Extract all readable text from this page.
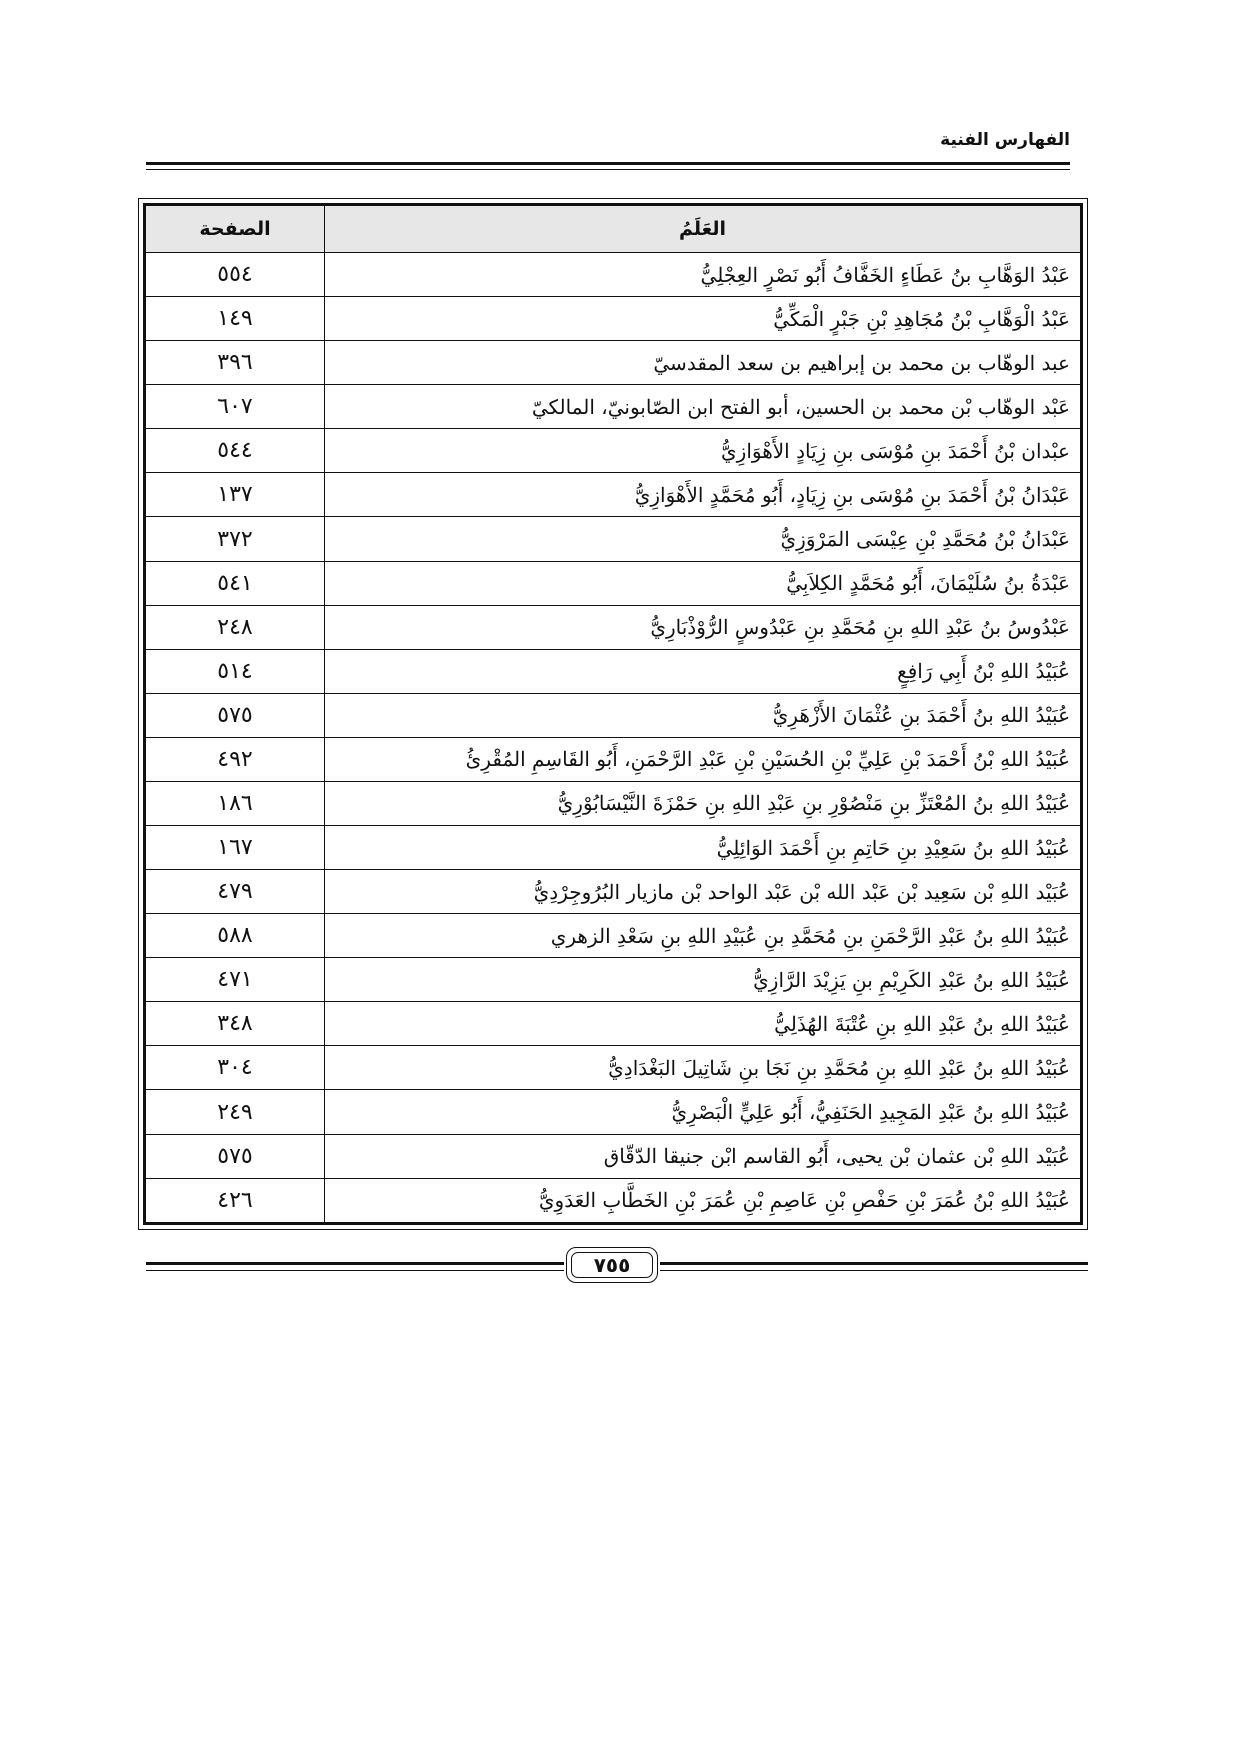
الفهارس الفنية
العَلَمُ	الصفحة
عَبْدُ الوَهَّابِ بنُ عَطَاءٍ الخَفَّافُ أَبُو نَصْرٍ العِجْلِيُّ	٥٥٤
عَبْدُ الْوَهَّابِ بْنُ مُجَاهِدِ بْنِ جَبْرٍ الْمَكِّيُّ	١٤٩
عبد الوهّاب بن محمد بن إبراهيم بن سعد المقدسيّ	٣٩٦
عَبْد الوهّاب بْن محمد بن الحسين، أبو الفتح ابن الصّابونيّ، المالكيّ	٦٠٧
عبْدان بْنُ أَحْمَدَ بنِ مُوْسَى بنِ زِيَادٍ الأَهْوَازِيُّ	٥٤٤
عَبْدَانُ بْنُ أَحْمَدَ بنِ مُوْسَى بنِ زِيَادٍ، أَبُو مُحَمَّدٍ الأَهْوَازِيُّ	١٣٧
عَبْدَانُ بْنُ مُحَمَّدِ بْنِ عِيْسَى المَرْوَزِيُّ	٣٧٢
عَبْدَةُ بنُ سُلَيْمَانَ، أَبُو مُحَمَّدٍ الكِلاَبِيُّ	٥٤١
عَبْدُوسُ بنُ عَبْدِ اللهِ بنِ مُحَمَّدِ بنِ عَبْدُوسٍ الرُّوْذْبَارِيُّ	٢٤٨
عُبَيْدُ اللهِ بْنُ أَبِي رَافِعٍ	٥١٤
عُبَيْدُ اللهِ بنُ أَحْمَدَ بنِ عُثْمَانَ الأَزْهَرِيُّ	٥٧٥
عُبَيْدُ اللهِ بْنُ أَحْمَدَ بْنِ عَلِيِّ بْنِ الحُسَيْنِ بْنِ عَبْدِ الرَّحْمَنِ، أَبُو القَاسِمِ المُقْرِئُ	٤٩٢
عُبَيْدُ اللهِ بنُ المُعْتَزِّ بنِ مَنْصُوْرِ بنِ عَبْدِ اللهِ بنِ حَمْزَةَ النَّيْسَابُوْرِيُّ	١٨٦
عُبَيْدُ اللهِ بنُ سَعِيْدِ بنِ حَاتِمِ بنِ أَحْمَدَ الوَائِلِيُّ	١٦٧
عُبَيْد اللهِ بْن سَعِيد بْن عَبْد الله بْن عَبْد الواحد بْن مازيار البُرُوجِرْدِيُّ	٤٧٩
عُبَيْدُ اللهِ بنُ عَبْدِ الرَّحْمَنِ بنِ مُحَمَّدِ بنِ عُبَيْدِ اللهِ بنِ سَعْدِ الزهري	٥٨٨
عُبَيْدُ اللهِ بنُ عَبْدِ الكَرِيْمِ بنِ يَزِيْدَ الرَّازِيُّ	٤٧١
عُبَيْدُ اللهِ بنُ عَبْدِ اللهِ بنِ عُتْبَةَ الهُذَلِيُّ	٣٤٨
عُبَيْدُ اللهِ بنُ عَبْدِ اللهِ بنِ مُحَمَّدِ بنِ نَجَا بنِ شَاتِيلَ البَغْدَادِيُّ	٣٠٤
عُبَيْدُ اللهِ بنُ عَبْدِ المَجِيدِ الحَنَفِيُّ، أَبُو عَلِيٍّ الْبَصْرِيُّ	٢٤٩
عُبَيْد اللهِ بْن عثمان بْن يحيى، أَبُو القاسم ابْن جنيقا الدّقّاق	٥٧٥
عُبَيْدُ اللهِ بْنُ عُمَرَ بْنِ حَفْصِ بْنِ عَاصِمِ بْنِ عُمَرَ بْنِ الخَطَّابِ العَدَوِيُّ	٤٢٦
٧٥٥
